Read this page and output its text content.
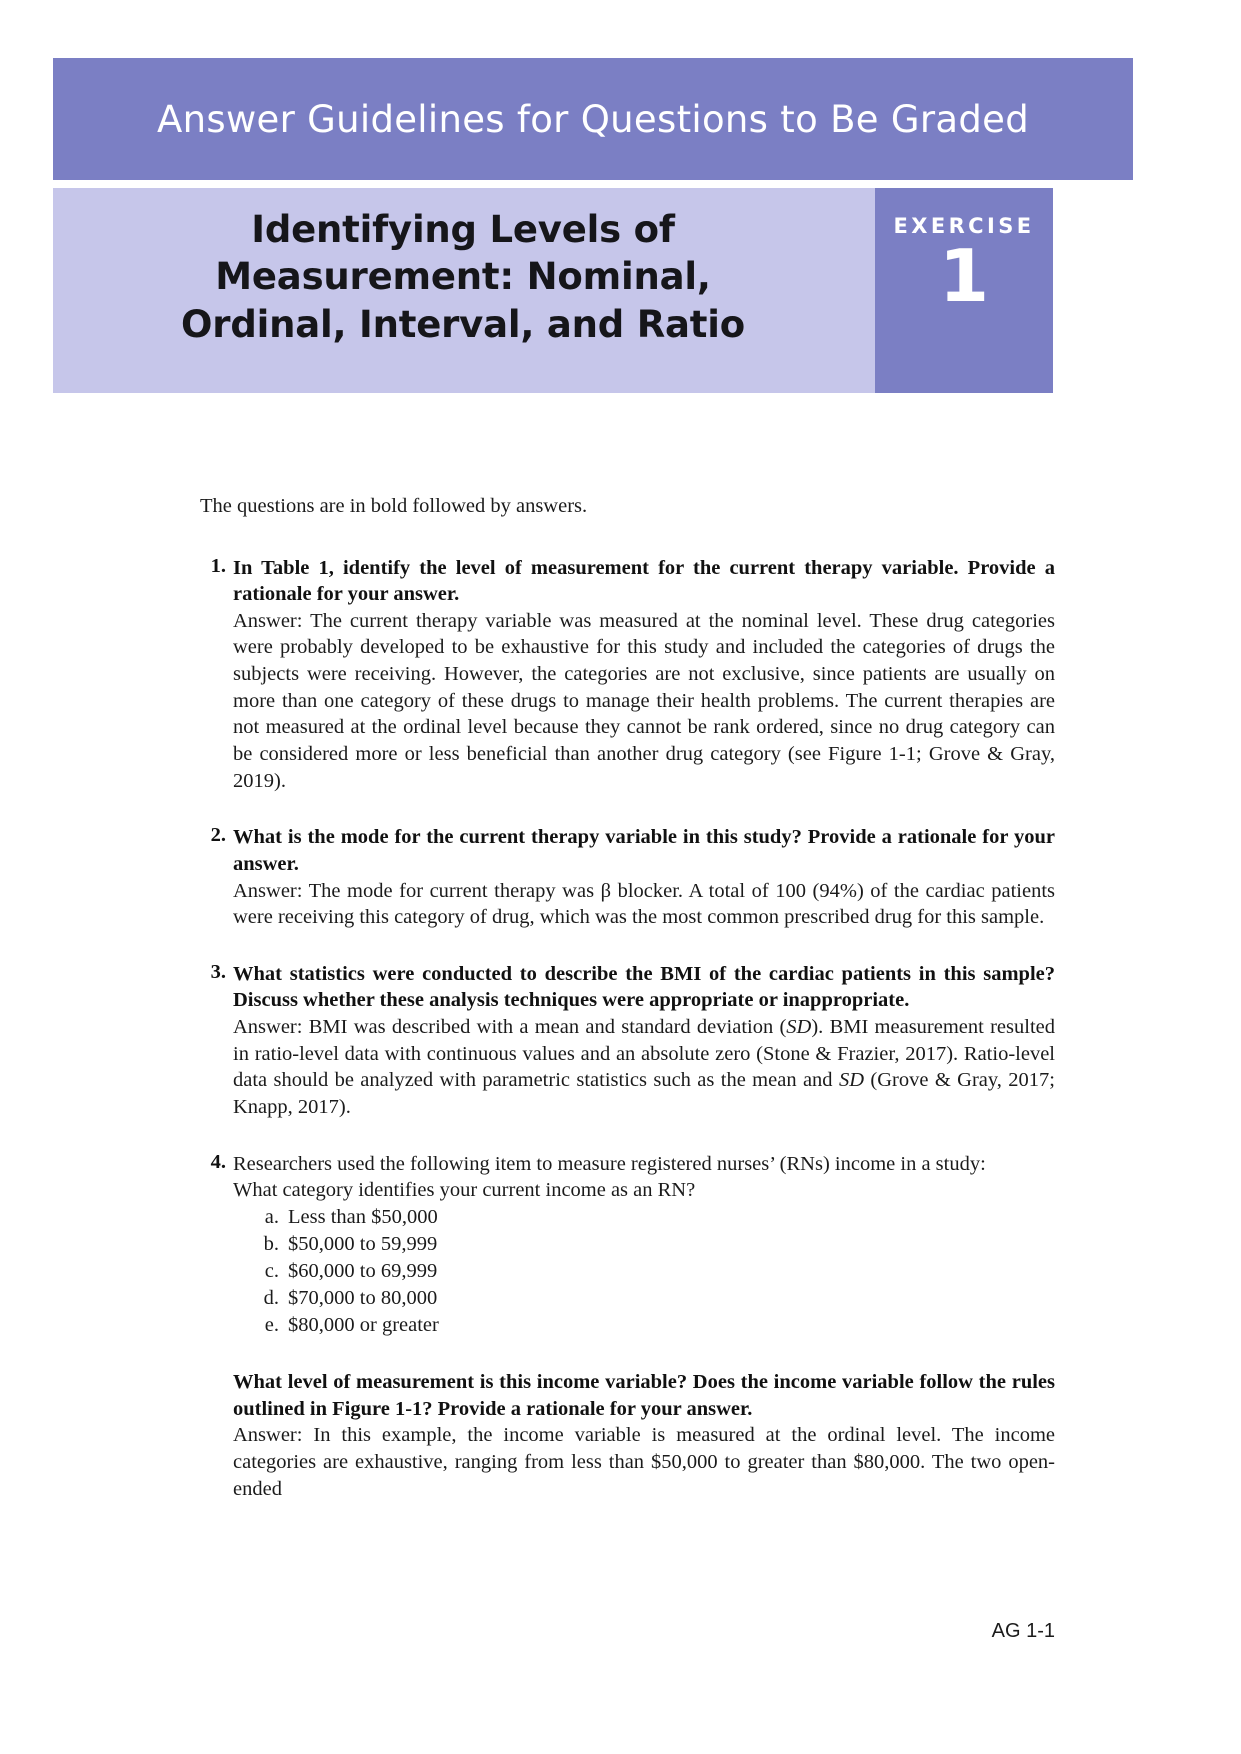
Answer Guidelines for Questions to Be Graded
Identifying Levels of
Measurement: Nominal,
Ordinal, Interval, and Ratio
EXERCISE
1

The questions are in bold followed by answers.

1. In Table 1, identify the level of measurement for the current therapy variable. Provide a rationale for your answer.

Answer: The current therapy variable was measured at the nominal level. These drug categories were probably developed to be exhaustive for this study and included the categories of drugs the subjects were receiving. However, the categories are not exclusive, since patients are usually on more than one category of these drugs to manage their health problems. The current therapies are not measured at the ordinal level because they cannot be rank ordered, since no drug category can be considered more or less beneficial than another drug category (see Figure 1-1; Grove & Gray, 2019).

2. What is the mode for the current therapy variable in this study? Provide a rationale for your answer.

Answer: The mode for current therapy was β blocker. A total of 100 (94%) of the cardiac patients were receiving this category of drug, which was the most common prescribed drug for this sample.

3. What statistics were conducted to describe the BMI of the cardiac patients in this sample? Discuss whether these analysis techniques were appropriate or inappropriate.

Answer: BMI was described with a mean and standard deviation (SD). BMI measurement resulted in ratio-level data with continuous values and an absolute zero (Stone & Frazier, 2017). Ratio-level data should be analyzed with parametric statistics such as the mean and SD (Grove & Gray, 2017; Knapp, 2017).

4. Researchers used the following item to measure registered nurses’ (RNs) income in a study:

What category identifies your current income as an RN?

a. Less than $50,000
b. $50,000 to 59,999
c. $60,000 to 69,999
d. $70,000 to 80,000
e. $80,000 or greater

What level of measurement is this income variable? Does the income variable follow the rules outlined in Figure 1-1? Provide a rationale for your answer.

Answer: In this example, the income variable is measured at the ordinal level. The income categories are exhaustive, ranging from less than $50,000 to greater than $80,000. The two open-ended

AG 1-1
